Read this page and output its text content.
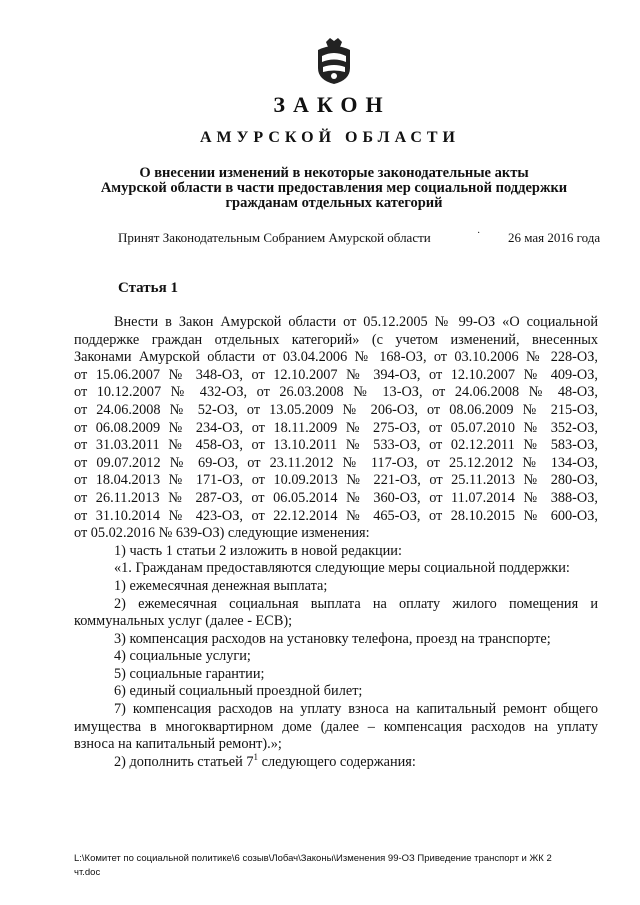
ЗАКОН
АМУРСКОЙ ОБЛАСТИ
О внесении изменений в некоторые законодательные акты
Амурской области в части предоставления мер социальной поддержки
гражданам отдельных категорий
Принят Законодательным Собранием Амурской области	· 26 мая 2016 года
Статья 1

Внести в Закон Амурской области от 05.12.2005 № 99-ОЗ «О социальной

поддержке граждан отдельных категорий» (с учетом изменений, внесенных

Законами Амурской области от 03.04.2006 № 168-ОЗ, от 03.10.2006 № 228-ОЗ,

от 15.06.2007 № 348-ОЗ, от 12.10.2007 № 394-ОЗ, от 12.10.2007 № 409-ОЗ,

от 10.12.2007 № 432-ОЗ, от 26.03.2008 № 13-ОЗ, от 24.06.2008 № 48-ОЗ,

от 24.06.2008 № 52-ОЗ, от 13.05.2009 № 206-ОЗ, от 08.06.2009 № 215-ОЗ,

от 06.08.2009 № 234-ОЗ, от 18.11.2009 № 275-ОЗ, от 05.07.2010 № 352-ОЗ,

от 31.03.2011 № 458-ОЗ, от 13.10.2011 № 533-ОЗ, от 02.12.2011 № 583-ОЗ,

от 09.07.2012 № 69-ОЗ, от 23.11.2012 № 117-ОЗ, от 25.12.2012 № 134-ОЗ,

от 18.04.2013 № 171-ОЗ, от 10.09.2013 № 221-ОЗ, от 25.11.2013 № 280-ОЗ,

от 26.11.2013 № 287-ОЗ, от 06.05.2014 № 360-ОЗ, от 11.07.2014 № 388-ОЗ,

от 31.10.2014 № 423-ОЗ, от 22.12.2014 № 465-ОЗ, от 28.10.2015 № 600-ОЗ,

от 05.02.2016 № 639-ОЗ) следующие изменения:

1) часть 1 статьи 2 изложить в новой редакции:

«1. Гражданам предоставляются следующие меры социальной поддержки:

1) ежемесячная денежная выплата;

2) ежемесячная социальная выплата на оплату жилого помещения и

коммунальных услуг (далее - ЕСВ);

3) компенсация расходов на установку телефона, проезд на транспорте;

4) социальные услуги;

5) социальные гарантии;

6) единый социальный проездной билет;

7) компенсация расходов на уплату взноса на капитальный ремонт общего

имущества в многоквартирном доме (далее – компенсация расходов на уплату

взноса на капитальный ремонт).»;

2) дополнить статьей $7^1$ следующего содержания:

L:\Комитет по социальной политике\6 созыв\Лобач\Законы\Изменения 99-ОЗ Приведение транспорт и ЖК 2
чт.doc
